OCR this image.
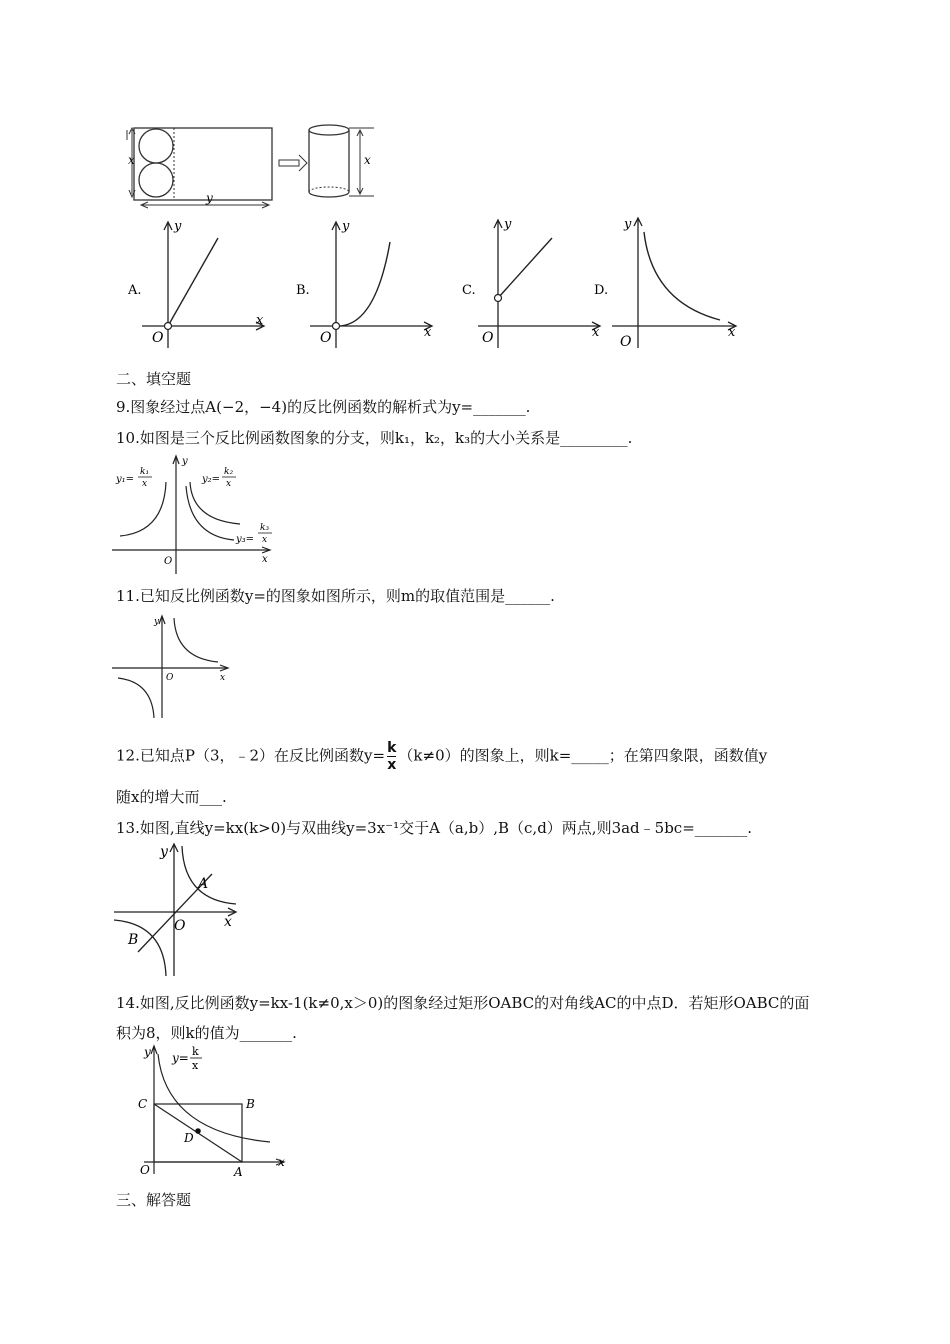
x
y
x
A.
y
x
O
B.
y
x
O
C.
y
x
O
D.
y
x
O
二、填空题
9.图象经过点A(−2，−4)的反比例函数的解析式为y=_______.
10.如图是三个反比例函数图象的分支，则k₁，k₂，k₃的大小关系是_________.
y₁=
k₁
x	y₂=
k₂
x
y₃=
k₃
x
x
y
O
11.已知反比例函数y=的图象如图所示，则m的取值范围是______.
y
x
O
12.已知点P（3，﹣2）在反比例函数$y= \frac{k}{x} (k\ne 0)$的图象上，则k=_____；在第四象限，函数值y
随x的增大而___.
13.如图,直线y=kx(k>0)与双曲线y=3x⁻¹交于A（a,b）,B（c,d）两点,则3ad﹣5bc=_______.
y
A
O	x
B
14.如图,反比例函数y=kx-1(k≠0,x＞0)的图象经过矩形OABC的对角线AC的中点D．若矩形OABC的面
积为8，则k的值为_______.
y y= k
x
C	B
D
O	A
x
三、解答题
